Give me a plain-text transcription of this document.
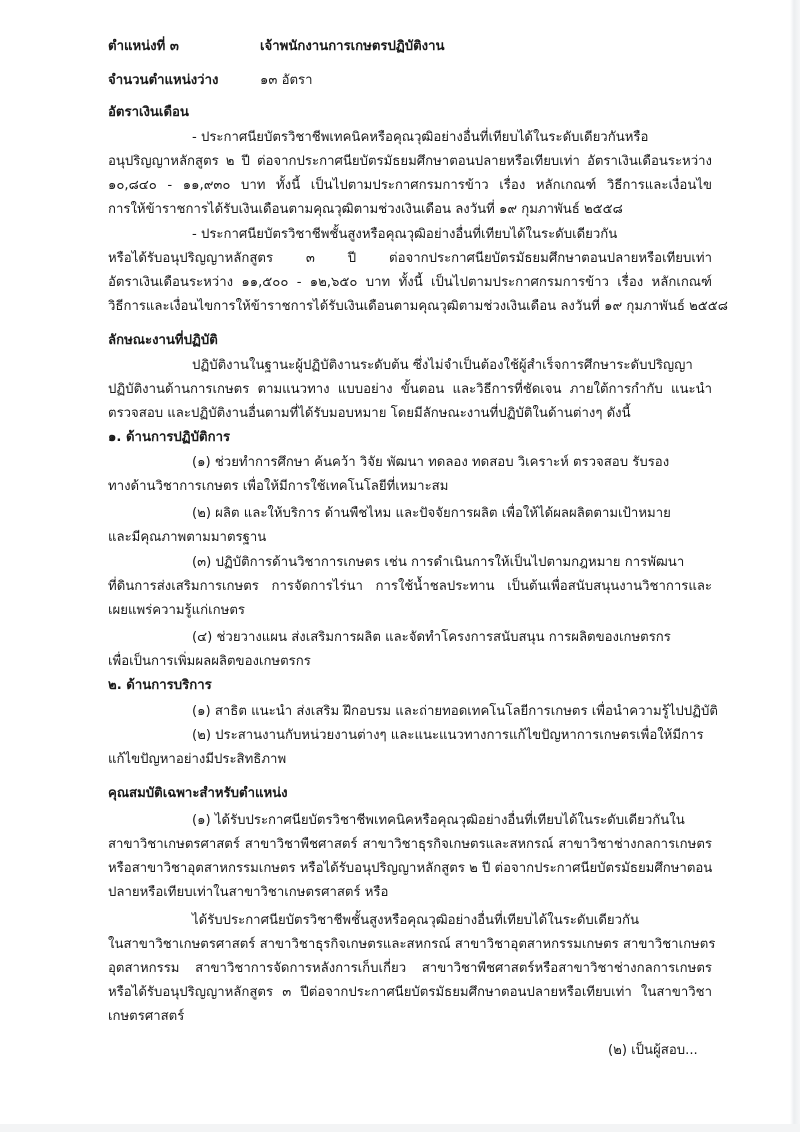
ตำแหน่งที่ ๓	เจ้าพนักงานการเกษตรปฏิบัติงาน
จำนวนตำแหน่งว่าง	๑๓ อัตรา
อัตราเงินเดือน
- ประกาศนียบัตรวิชาชีพเทคนิคหรือคุณวุฒิอย่างอื่นที่เทียบได้ในระดับเดียวกันหรือ
อนุปริญญาหลักสูตร ๒ ปี ต่อจากประกาศนียบัตรมัธยมศึกษาตอนปลายหรือเทียบเท่า อัตราเงินเดือนระหว่าง
๑๐,๘๔๐ - ๑๑,๙๓๐ บาท ทั้งนี้ เป็นไปตามประกาศกรมการข้าว เรื่อง หลักเกณฑ์ วิธีการและเงื่อนไข
การให้ข้าราชการได้รับเงินเดือนตามคุณวุฒิตามช่วงเงินเดือน ลงวันที่ ๑๙ กุมภาพันธ์ ๒๕๕๘
- ประกาศนียบัตรวิชาชีพชั้นสูงหรือคุณวุฒิอย่างอื่นที่เทียบได้ในระดับเดียวกัน
หรือได้รับอนุปริญญาหลักสูตร ๓ ปี ต่อจากประกาศนียบัตรมัธยมศึกษาตอนปลายหรือเทียบเท่า
อัตราเงินเดือนระหว่าง ๑๑,๕๐๐ - ๑๒,๖๕๐ บาท ทั้งนี้ เป็นไปตามประกาศกรมการข้าว เรื่อง หลักเกณฑ์
วิธีการและเงื่อนไขการให้ข้าราชการได้รับเงินเดือนตามคุณวุฒิตามช่วงเงินเดือน ลงวันที่ ๑๙ กุมภาพันธ์ ๒๕๕๘
ลักษณะงานที่ปฏิบัติ
ปฏิบัติงานในฐานะผู้ปฏิบัติงานระดับต้น ซึ่งไม่จำเป็นต้องใช้ผู้สำเร็จการศึกษาระดับปริญญา
ปฏิบัติงานด้านการเกษตร ตามแนวทาง แบบอย่าง ขั้นตอน และวิธีการที่ชัดเจน ภายใต้การกำกับ แนะนำ
ตรวจสอบ และปฏิบัติงานอื่นตามที่ได้รับมอบหมาย โดยมีลักษณะงานที่ปฏิบัติในด้านต่างๆ ดังนี้
๑. ด้านการปฏิบัติการ
(๑) ช่วยทำการศึกษา ค้นคว้า วิจัย พัฒนา ทดลอง ทดสอบ วิเคราะห์ ตรวจสอบ รับรอง
ทางด้านวิชาการเกษตร เพื่อให้มีการใช้เทคโนโลยีที่เหมาะสม
(๒) ผลิต และให้บริการ ด้านพืชไหม และปัจจัยการผลิต เพื่อให้ได้ผลผลิตตามเป้าหมาย
และมีคุณภาพตามมาตรฐาน
(๓) ปฏิบัติการด้านวิชาการเกษตร เช่น การดำเนินการให้เป็นไปตามกฎหมาย การพัฒนา
ที่ดินการส่งเสริมการเกษตร การจัดการไร่นา การใช้น้ำชลประทาน เป็นต้นเพื่อสนับสนุนงานวิชาการและ
เผยแพร่ความรู้แก่เกษตร
(๔) ช่วยวางแผน ส่งเสริมการผลิต และจัดทำโครงการสนับสนุน การผลิตของเกษตรกร
เพื่อเป็นการเพิ่มผลผลิตของเกษตรกร
๒. ด้านการบริการ
(๑) สาธิต แนะนำ ส่งเสริม ฝึกอบรม และถ่ายทอดเทคโนโลยีการเกษตร เพื่อนำความรู้ไปปฏิบัติ
(๒) ประสานงานกับหน่วยงานต่างๆ และแนะแนวทางการแก้ไขปัญหาการเกษตรเพื่อให้มีการ
แก้ไขปัญหาอย่างมีประสิทธิภาพ
คุณสมบัติเฉพาะสำหรับตำแหน่ง
(๑) ได้รับประกาศนียบัตรวิชาชีพเทคนิคหรือคุณวุฒิอย่างอื่นที่เทียบได้ในระดับเดียวกันใน
สาขาวิชาเกษตรศาสตร์ สาขาวิชาพืชศาสตร์ สาขาวิชาธุรกิจเกษตรและสหกรณ์ สาขาวิชาช่างกลการเกษตร
หรือสาขาวิชาอุตสาหกรรมเกษตร หรือได้รับอนุปริญญาหลักสูตร ๒ ปี ต่อจากประกาศนียบัตรมัธยมศึกษาตอน
ปลายหรือเทียบเท่าในสาขาวิชาเกษตรศาสตร์ หรือ
ได้รับประกาศนียบัตรวิชาชีพชั้นสูงหรือคุณวุฒิอย่างอื่นที่เทียบได้ในระดับเดียวกัน
ในสาขาวิชาเกษตรศาสตร์ สาขาวิชาธุรกิจเกษตรและสหกรณ์ สาขาวิชาอุตสาหกรรมเกษตร สาขาวิชาเกษตร
อุตสาหกรรม สาขาวิชาการจัดการหลังการเก็บเกี่ยว สาขาวิชาพืชศาสตร์หรือสาขาวิชาช่างกลการเกษตร
หรือได้รับอนุปริญญาหลักสูตร ๓ ปีต่อจากประกาศนียบัตรมัธยมศึกษาตอนปลายหรือเทียบเท่า ในสาขาวิชา
เกษตรศาสตร์
(๒) เป็นผู้สอบ...
